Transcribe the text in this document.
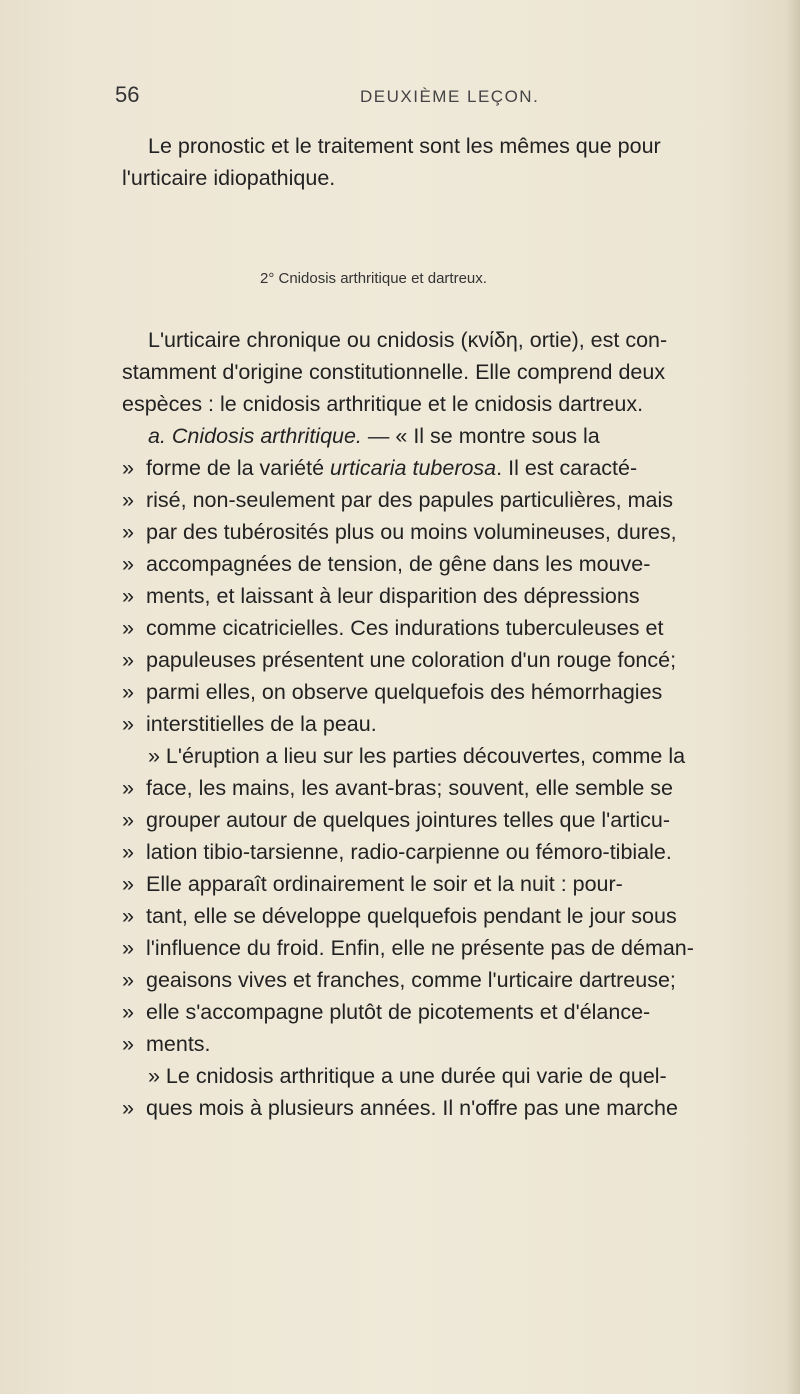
56	DEUXIÈME LEÇON.
Le pronostic et le traitement sont les mêmes que pour
l'urticaire idiopathique.
2° Cnidosis arthritique et dartreux.
L'urticaire chronique ou cnidosis (κνίδη, ortie), est con-
stamment d'origine constitutionnelle. Elle comprend deux
espèces : le cnidosis arthritique et le cnidosis dartreux.
a. Cnidosis arthritique. — « Il se montre sous la
» forme de la variété urticaria tuberosa. Il est caracté-
» risé, non-seulement par des papules particulières, mais
» par des tubérosités plus ou moins volumineuses, dures,
» accompagnées de tension, de gêne dans les mouve-
» ments, et laissant à leur disparition des dépressions
» comme cicatricielles. Ces indurations tuberculeuses et
» papuleuses présentent une coloration d'un rouge foncé;
» parmi elles, on observe quelquefois des hémorrhagies
» interstitielles de la peau.
» L'éruption a lieu sur les parties découvertes, comme la
» face, les mains, les avant-bras; souvent, elle semble se
» grouper autour de quelques jointures telles que l'articu-
» lation tibio-tarsienne, radio-carpienne ou fémoro-tibiale.
» Elle apparaît ordinairement le soir et la nuit : pour-
» tant, elle se développe quelquefois pendant le jour sous
» l'influence du froid. Enfin, elle ne présente pas de déman-
» geaisons vives et franches, comme l'urticaire dartreuse;
» elle s'accompagne plutôt de picotements et d'élance-
» ments.
» Le cnidosis arthritique a une durée qui varie de quel-
» ques mois à plusieurs années. Il n'offre pas une marche
